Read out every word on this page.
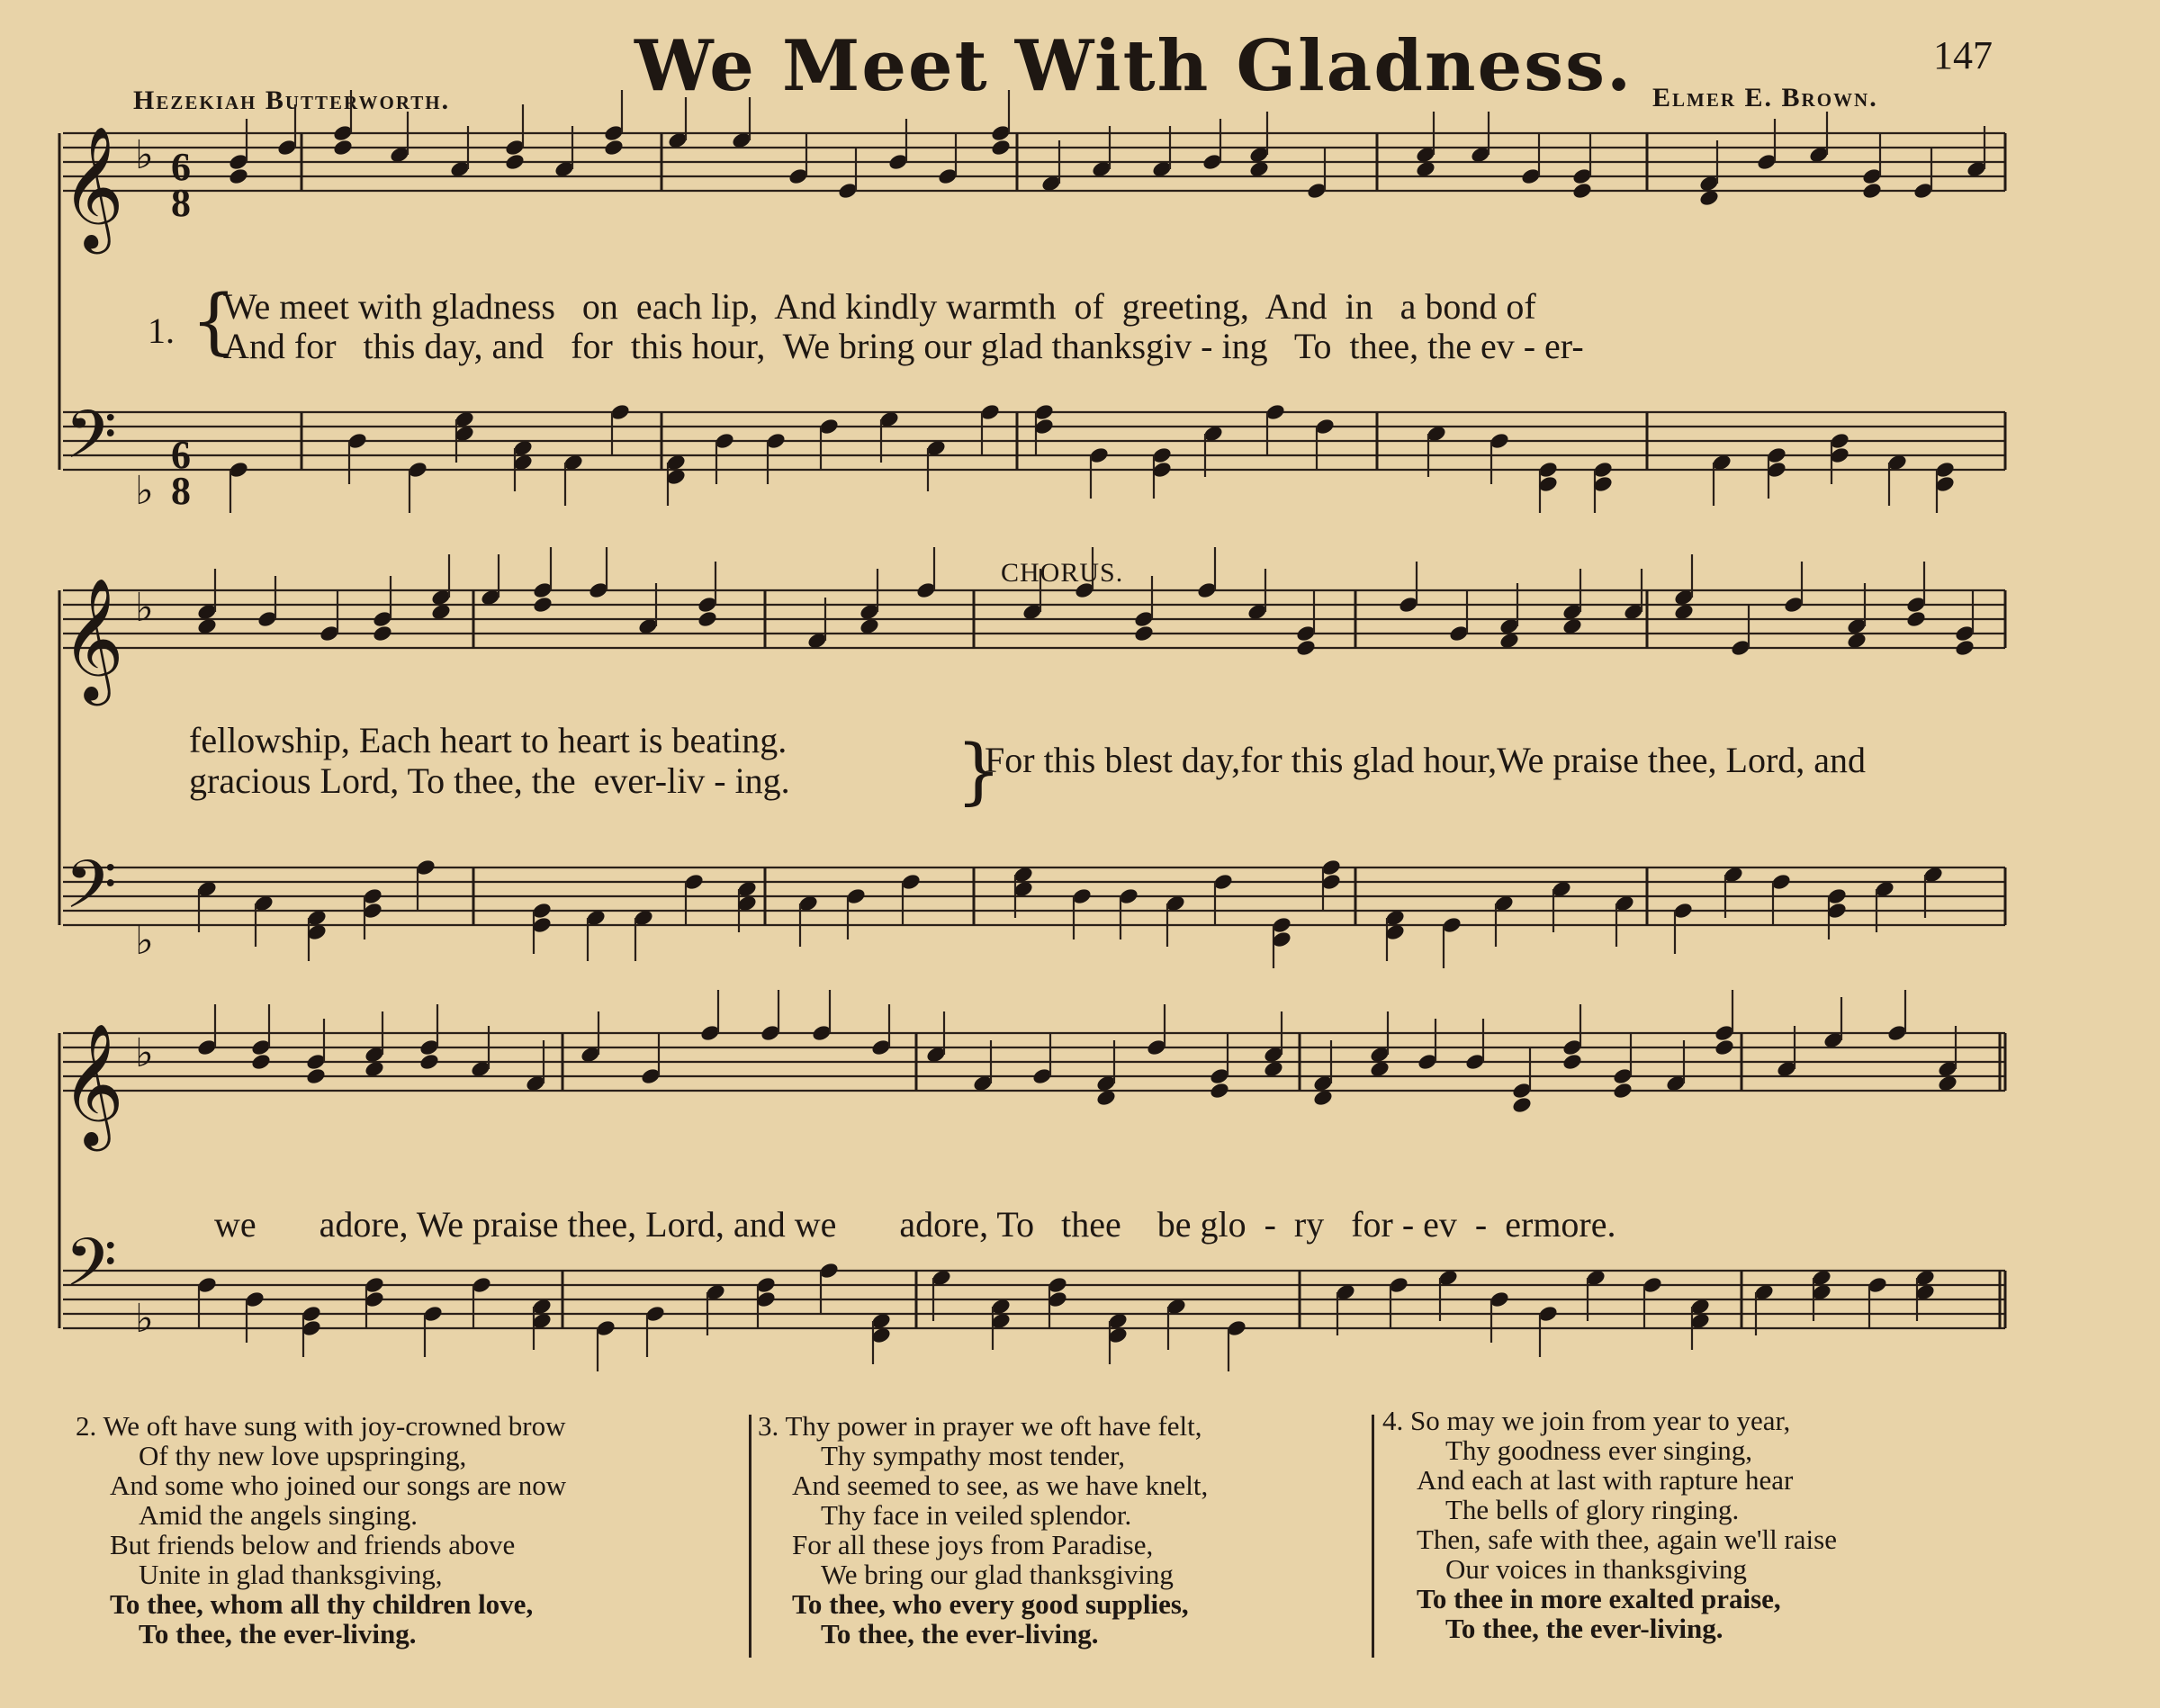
We Meet With Gladness.	147
Hezekiah Butterworth.	Elmer E. Brown.
𝄞
𝄢
♭
♭
6
8
6
8
𝄞 ♭
𝄢
♭
𝄞 ♭
𝄢
♭
1. {
We meet with gladness   on  each lip,  And kindly warmth  of  greeting,  And  in   a bond of
And for   this day, and   for  this hour,  We bring our glad thanksgiv - ing   To  thee, the ev - er-
CHORUS.
fellowship, Each heart to heart is beating.
gracious Lord, To thee, the  ever-liv - ing. }
For this blest day,for this glad hour,We praise thee, Lord, and
we       adore, We praise thee, Lord, and we       adore, To   thee    be glo  -  ry   for - ev  -  ermore.
2. We oft have sung with joy-crowned brow
Of thy new love upspringing,
And some who joined our songs are now
Amid the angels singing.
But friends below and friends above
Unite in glad thanksgiving,
To thee, whom all thy children love,
To thee, the ever-living.
3. Thy power in prayer we oft have felt,
Thy sympathy most tender,
And seemed to see, as we have knelt,
Thy face in veiled splendor.
For all these joys from Paradise,
We bring our glad thanksgiving
To thee, who every good supplies,
To thee, the ever-living.
4. So may we join from year to year,
Thy goodness ever singing,
And each at last with rapture hear
The bells of glory ringing.
Then, safe with thee, again we'll raise
Our voices in thanksgiving
To thee in more exalted praise,
To thee, the ever-living.
